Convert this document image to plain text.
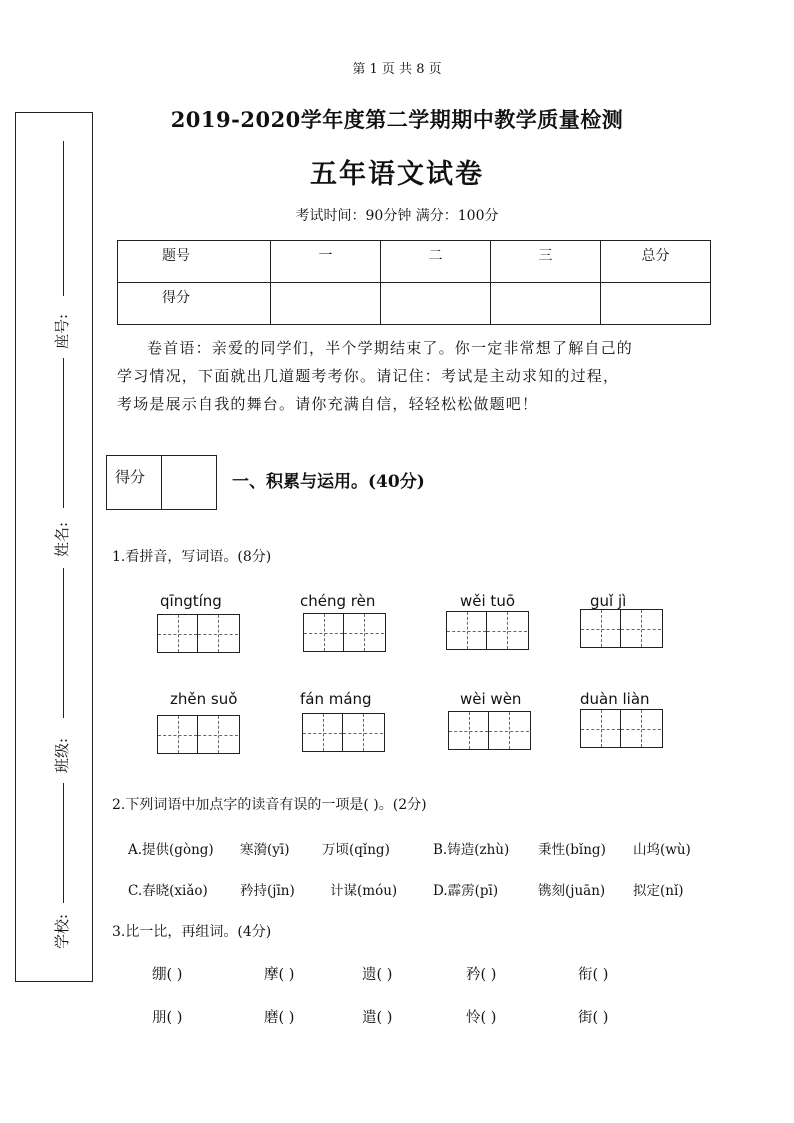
第 1 页 共 8 页
2019-2020学年度第二学期期中教学质量检测
五年语文试卷
考试时间：90分钟 满分：100分
座号:
姓名:
班级:
学校:
题号	一	二	三	总分
得分				

卷首语：亲爱的同学们，半个学期结束了。你一定非常想了解自己的

学习情况，下面就出几道题考考你。请记住：考试是主动求知的过程，

考场是展示自我的舞台。请你充满自信，轻轻松松做题吧！

得分	一、积累与运用。(40分)
1.看拼音，写词语。(8分)
qīngtíng	chéng rèn	wěi tuō	guǐ jì
zhěn suǒ	fán máng	wèi wèn	duàn liàn
2.下列词语中加点字的读音有误的一项是( )。(2分)
A.提供(gòng) 寒漪(yī) 万顷(qǐng)	B.铸造(zhù) 秉性(bǐng) 山坞(wù)
C.春晓(xiǎo) 矜持(jīn)	计谋(móu)	D.霹雳(pī)	镌刻(juān) 拟定(nǐ)
3.比一比，再组词。(4分)
绷( )	摩( )	遗( )	矜( )	衔( )
朋( )	磨( )	遣( )	怜( )	街( )
